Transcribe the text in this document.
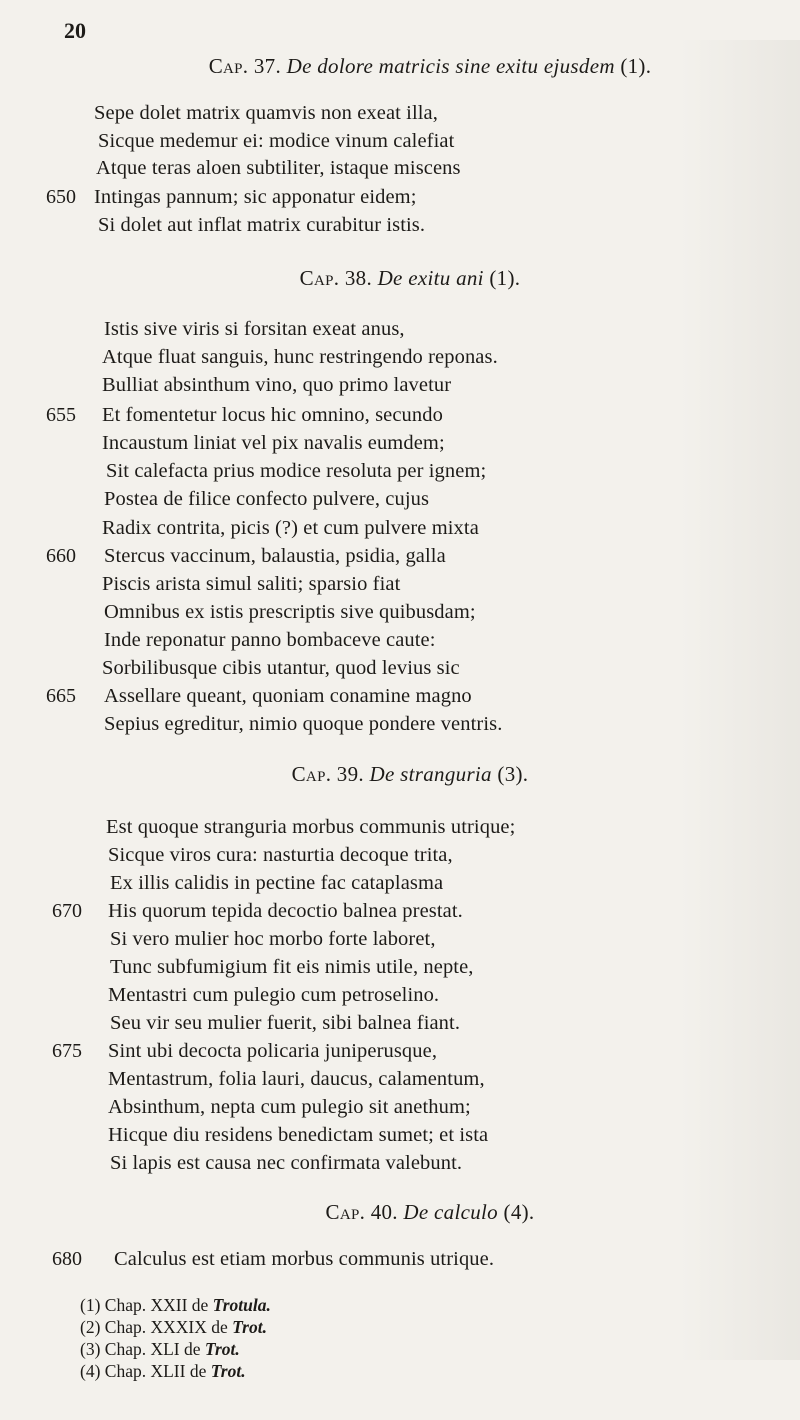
20
Cap. 37. De dolore matricis sine exitu ejusdem (1).
Sepe dolet matrix quamvis non exeat illa,
Sicque medemur ei: modice vinum calefiat
Atque teras aloen subtiliter, istaque miscens
650 Intingas pannum; sic apponatur eidem;
Si dolet aut inflat matrix curabitur istis.
Cap. 38. De exitu ani (1).
Istis sive viris si forsitan exeat anus,
Atque fluat sanguis, hunc restringendo reponas.
Bulliat absinthum vino, quo primo lavetur
655 Et fomentetur locus hic omnino, secundo
Incaustum liniat vel pix navalis eumdem;
Sit calefacta prius modice resoluta per ignem;
Postea de filice confecto pulvere, cujus
Radix contrita, picis (?) et cum pulvere mixta
660 Stercus vaccinum, balaustia, psidia, galla
Piscis arista simul saliti; sparsio fiat
Omnibus ex istis prescriptis sive quibusdam;
Inde reponatur panno bombaceve caute:
Sorbilibusque cibis utantur, quod levius sic
665 Assellare queant, quoniam conamine magno
Sepius egreditur, nimio quoque pondere ventris.
Cap. 39. De stranguria (3).
Est quoque stranguria morbus communis utrique;
Sicque viros cura: nasturtia decoque trita,
Ex illis calidis in pectine fac cataplasma
670 His quorum tepida decoctio balnea prestat.
Si vero mulier hoc morbo forte laboret,
Tunc subfumigium fit eis nimis utile, nepte,
Mentastri cum pulegio cum petroselino.
Seu vir seu mulier fuerit, sibi balnea fiant.
675 Sint ubi decocta policaria juniperusque,
Mentastrum, folia lauri, daucus, calamentum,
Absinthum, nepta cum pulegio sit anethum;
Hicque diu residens benedictam sumet; et ista
Si lapis est causa nec confirmata valebunt.
Cap. 40. De calculo (4).
680 Calculus est etiam morbus communis utrique.
(1) Chap. XXII de Trotula.
(2) Chap. XXXIX de Trot.
(3) Chap. XLI de Trot.
(4) Chap. XLII de Trot.
